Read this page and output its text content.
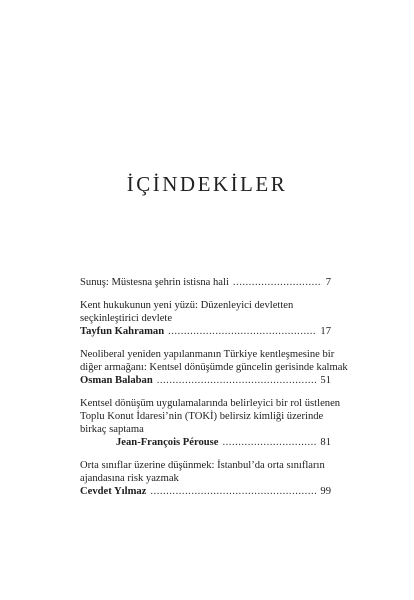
İÇİNDEKİLER
Sunuş: Müstesna şehrin istisna hali .....	7
Kent hukukunun yeni yüzü: Düzenleyici devletten
seçkinleştirici devlete
Tayfun Kahraman .....	17
Neoliberal yeniden yapılanmanın Türkiye kentleşmesine bir
diğer armağanı: Kentsel dönüşümde güncelin gerisinde kalmak
Osman Balaban .....	51
Kentsel dönüşüm uygulamalarında belirleyici bir rol üstlenen
Toplu Konut İdaresi’nin (TOKİ) belirsiz kimliği üzerinde
birkaç saptama
Jean-François Pérouse .....	81
Orta sınıflar üzerine düşünmek: İstanbul’da orta sınıfların
ajandasına risk yazmak
Cevdet Yılmaz .....	99
